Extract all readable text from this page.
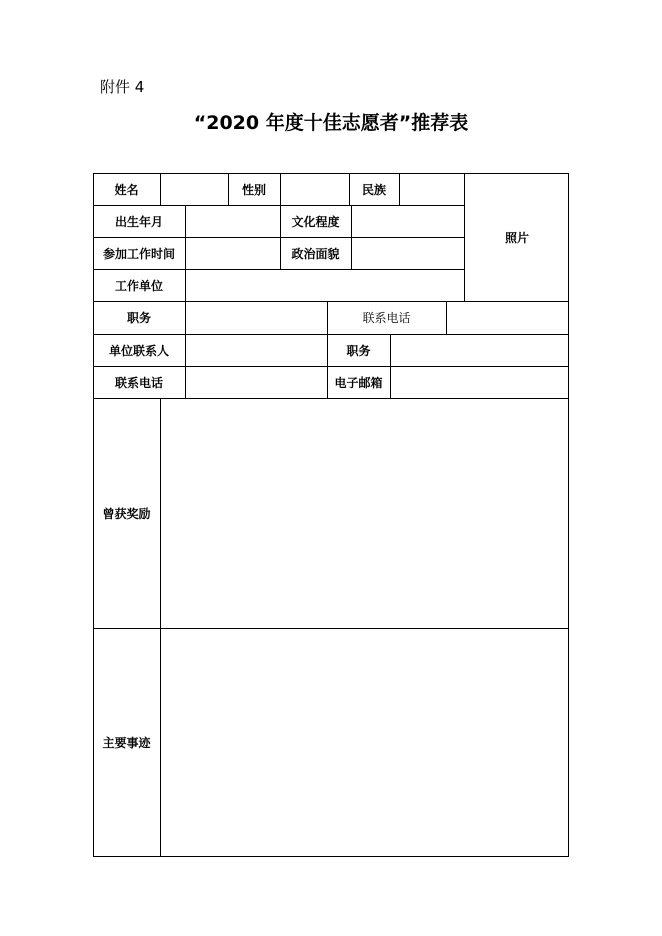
附件 4
“2020 年度十佳志愿者”推荐表
姓名	性别	民族
照片
出生年月	文化程度
参加工作时间	政治面貌
工作单位
职务	联系电话
单位联系人	职务
联系电话	电子邮箱
曾获奖励
主要事迹
